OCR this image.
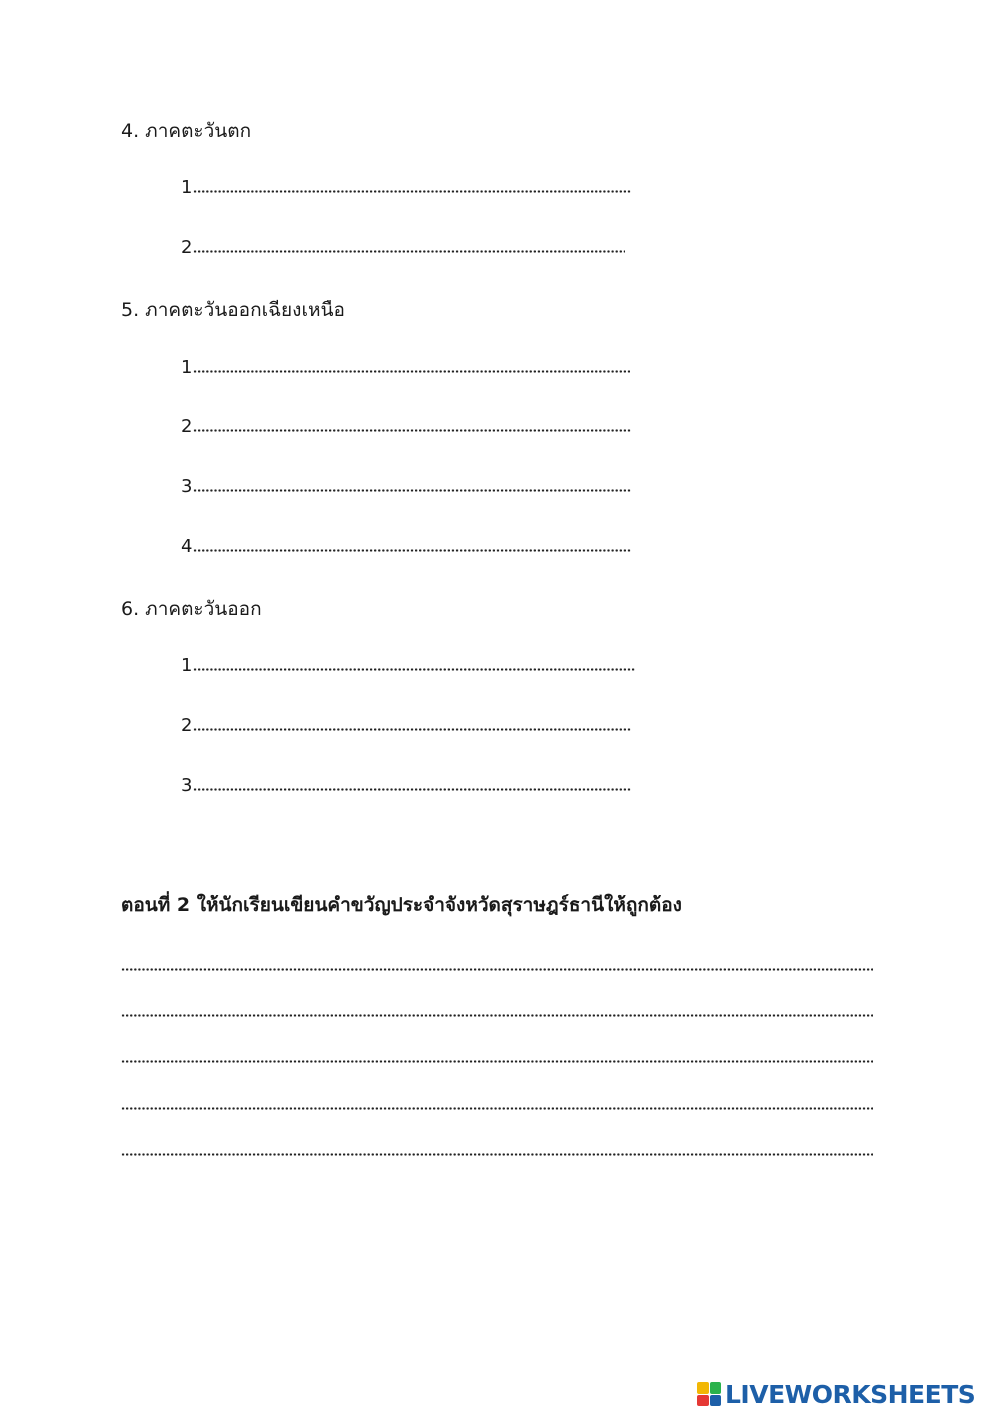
4. ภาคตะวันตก
1
2
5. ภาคตะวันออกเฉียงเหนือ
1
2
3
4
6. ภาคตะวันออก
1
2
3
ตอนที่ 2 ให้นักเรียนเขียนคำขวัญประจำจังหวัดสุราษฎร์ธานีให้ถูกต้อง
LIVEWORKSHEETS
